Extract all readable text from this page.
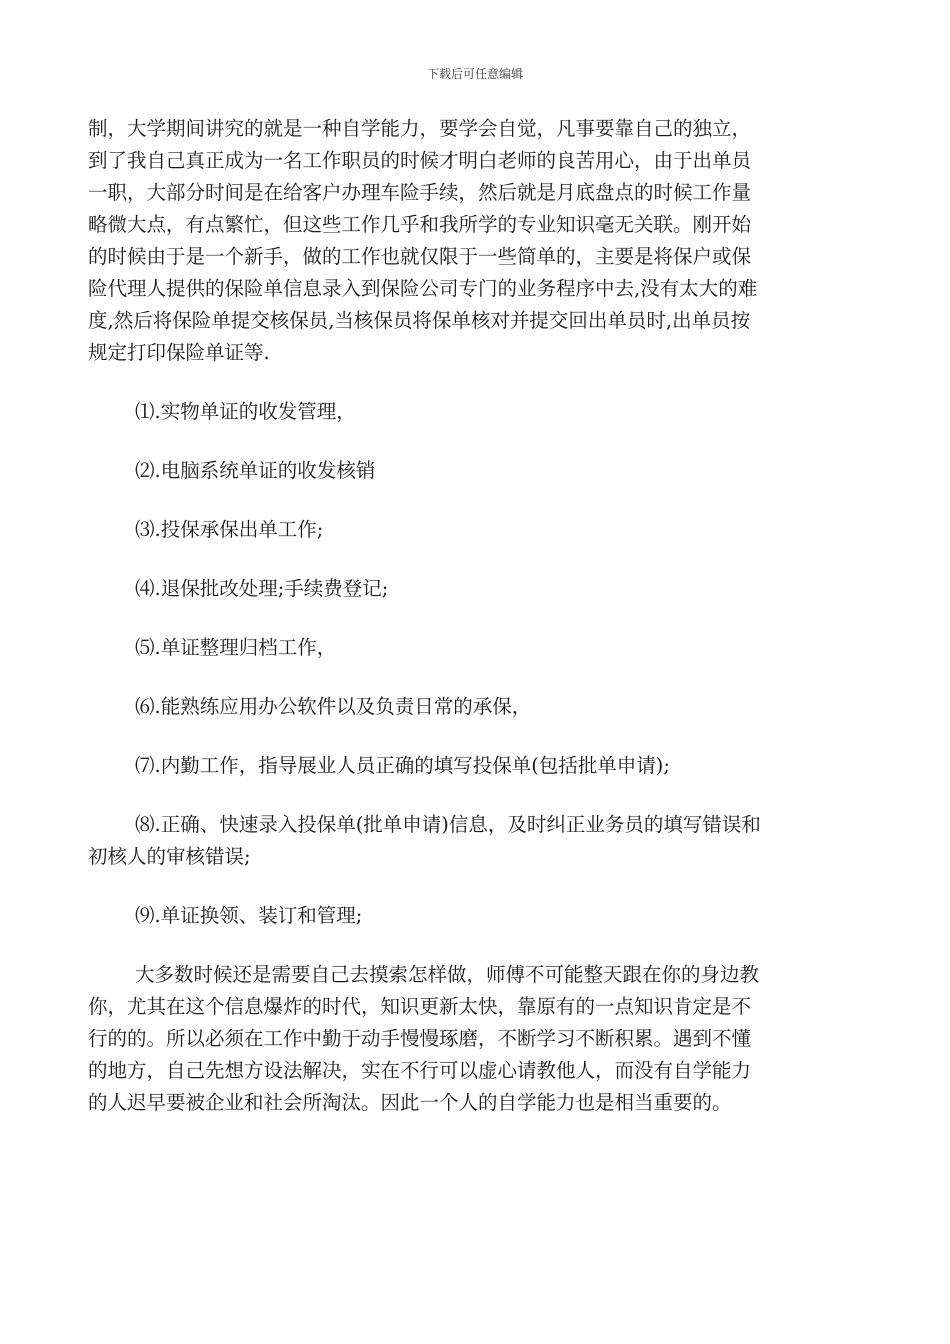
下载后可任意编辑

制，大学期间讲究的就是一种自学能力，要学会自觉，凡事要靠自己的独立，

到了我自己真正成为一名工作职员的时候才明白老师的良苦用心，由于出单员

一职，大部分时间是在给客户办理车险手续，然后就是月底盘点的时候工作量

略微大点，有点繁忙，但这些工作几乎和我所学的专业知识毫无关联。刚开始

的时候由于是一个新手，做的工作也就仅限于一些简单的，主要是将保户或保

险代理人提供的保险单信息录入到保险公司专门的业务程序中去,没有太大的难

度,然后将保险单提交核保员,当核保员将保单核对并提交回出单员时,出单员按

规定打印保险单证等.

⑴.实物单证的收发管理，
⑵.电脑系统单证的收发核销
⑶.投保承保出单工作;
⑷.退保批改处理;手续费登记;
⑸.单证整理归档工作，
⑹.能熟练应用办公软件以及负责日常的承保，
⑺.内勤工作，指导展业人员正确的填写投保单(包括批单申请);
⑻.正确、快速录入投保单(批单申请)信息，及时纠正业务员的填写错误和
初核人的审核错误;
⑼.单证换领、装订和管理;
大多数时候还是需要自己去摸索怎样做，师傅不可能整天跟在你的身边教
你，尤其在这个信息爆炸的时代，知识更新太快，靠原有的一点知识肯定是不
行的的。所以必须在工作中勤于动手慢慢琢磨，不断学习不断积累。遇到不懂
的地方，自己先想方设法解决，实在不行可以虚心请教他人，而没有自学能力
的人迟早要被企业和社会所淘汰。因此一个人的自学能力也是相当重要的。
